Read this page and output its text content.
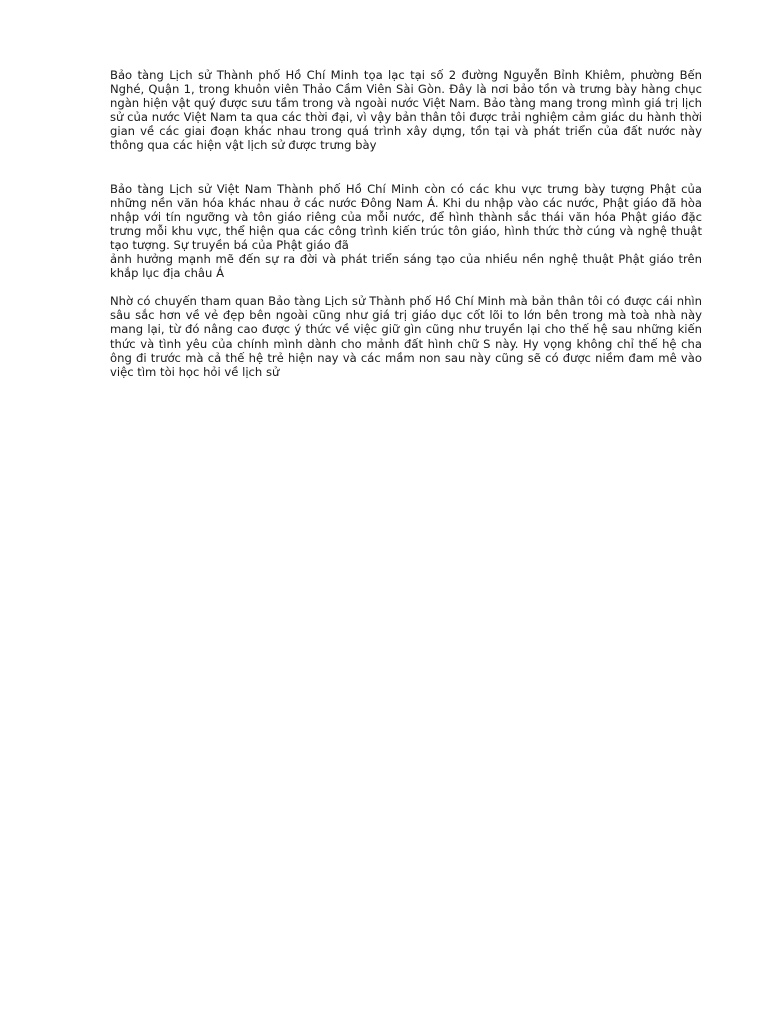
Bảo tàng Lịch sử Thành phố Hồ Chí Minh tọa lạc tại số 2 đường Nguyễn Bỉnh Khiêm, phường Bến Nghé, Quận 1, trong khuôn viên Thảo Cầm Viên Sài Gòn. Đây là nơi bảo tồn và trưng bày hàng chục ngàn hiện vật quý được sưu tầm trong và ngoài nước Việt Nam. Bảo tàng mang trong mình giá trị lịch sử của nước Việt Nam ta qua các thời đại, vì vậy bản thân tôi được trải nghiệm cảm giác du hành thời gian về các giai đoạn khác nhau trong quá trình xây dựng, tồn tại và phát triển của đất nước này thông qua các hiện vật lịch sử được trưng bày

Bảo tàng Lịch sử Việt Nam Thành phố Hồ Chí Minh còn có các khu vực trưng bày tượng Phật của những nền văn hóa khác nhau ở các nước Đông Nam Á. Khi du nhập vào các nước, Phật giáo đã hòa nhập với tín ngưỡng và tôn giáo riêng của mỗi nước, để hình thành sắc thái văn hóa Phật giáo đặc trưng mỗi khu vực, thể hiện qua các công trình kiến trúc tôn giáo, hình thức thờ cúng và nghệ thuật tạo tượng. Sự truyền bá của Phật giáo đã
ảnh hưởng mạnh mẽ đến sự ra đời và phát triển sáng tạo của nhiều nền nghệ thuật Phật giáo trên khắp lục địa châu Á

Nhờ có chuyến tham quan Bảo tàng Lịch sử Thành phố Hồ Chí Minh mà bản thân tôi có được cái nhìn sâu sắc hơn về vẻ đẹp bên ngoài cũng như giá trị giáo dục cốt lõi to lớn bên trong mà toà nhà này mang lại, từ đó nâng cao được ý thức về việc giữ gìn cũng như truyền lại cho thế hệ sau những kiến thức và tình yêu của chính mình dành cho mảnh đất hình chữ S này. Hy vọng không chỉ thế hệ cha ông đi trước mà cả thế hệ trẻ hiện nay và các mầm non sau này cũng sẽ có được niềm đam mê vào việc tìm tòi học hỏi về lịch sử
